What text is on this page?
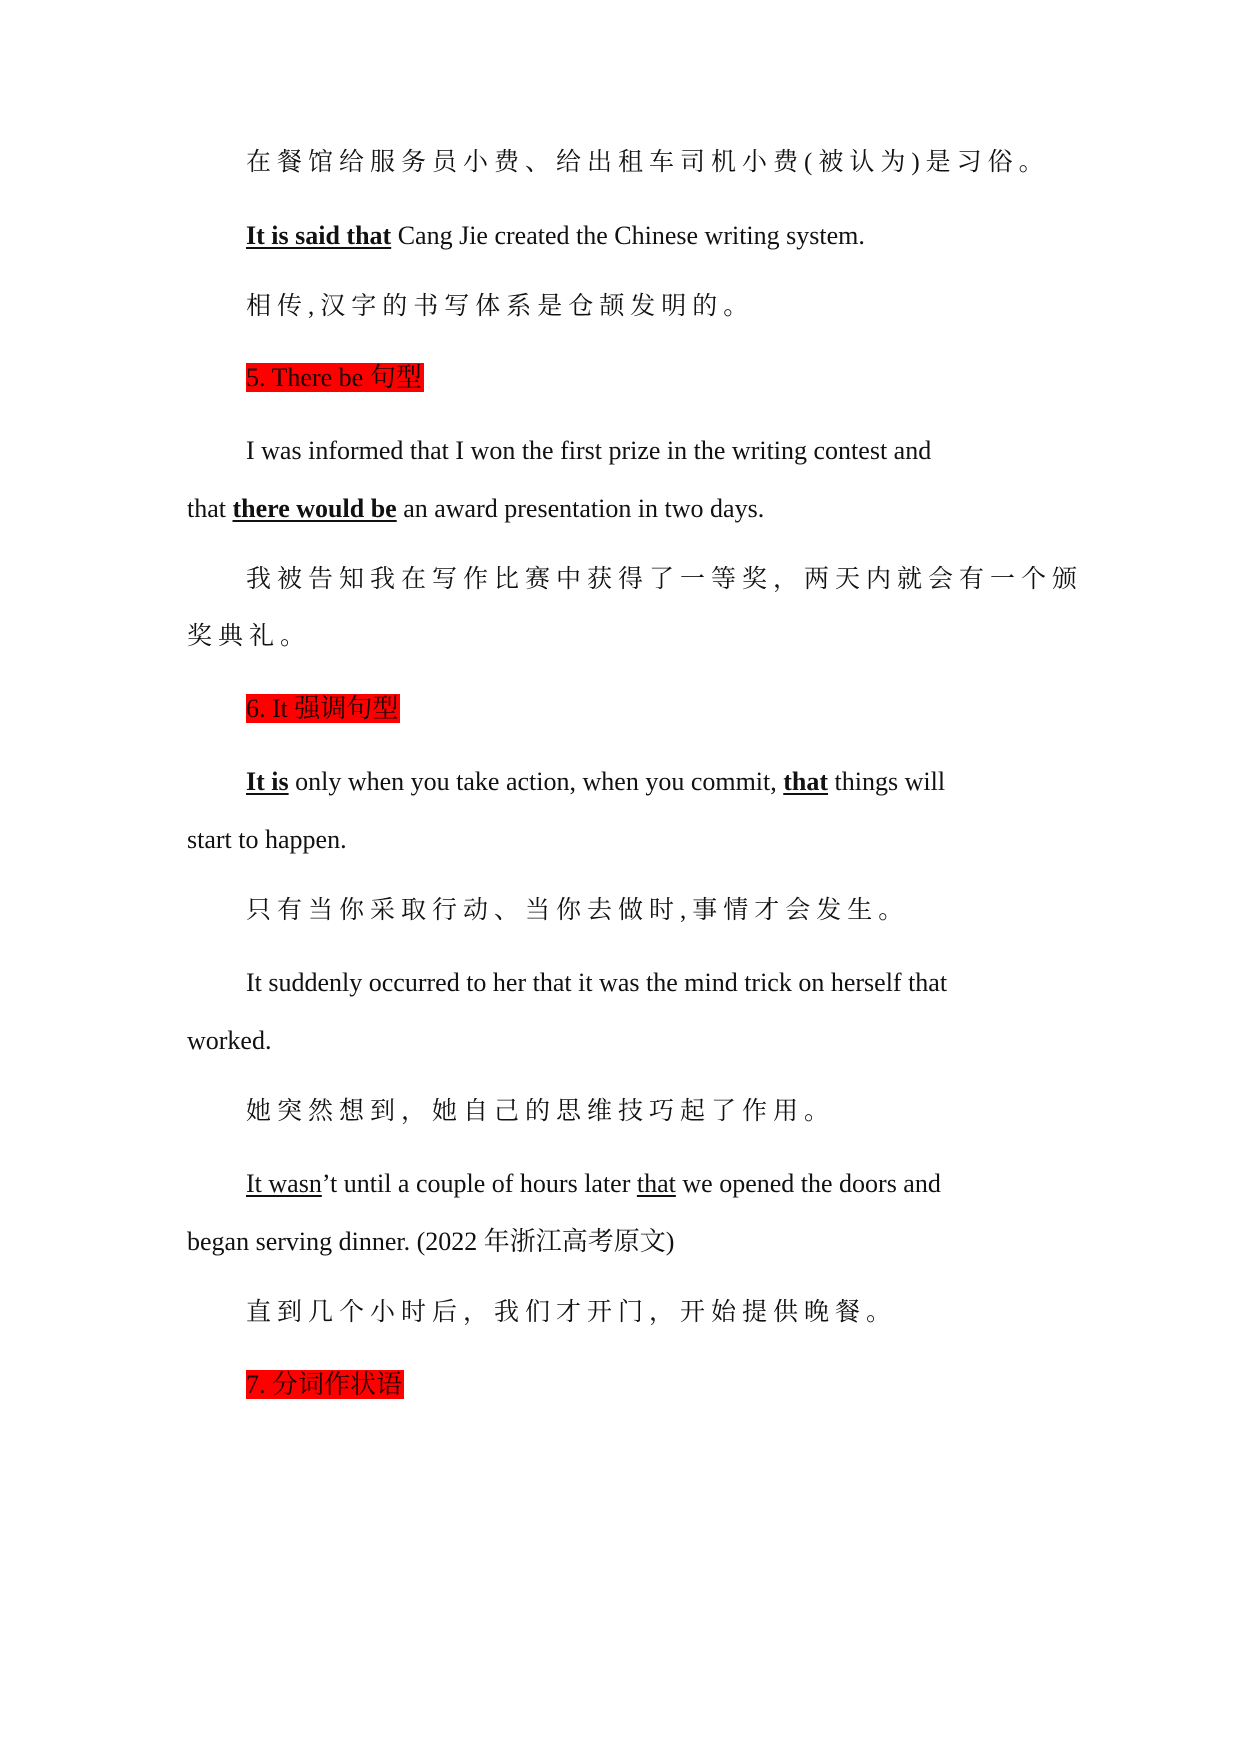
在餐馆给服务员小费、给出租车司机小费(被认为)是习俗。
It is said that Cang Jie created the Chinese writing system.
相传,汉字的书写体系是仓颉发明的。
5. There be 句型
I was informed that I won the first prize in the writing contest and
that there would be an award presentation in two days.
我被告知我在写作比赛中获得了一等奖，两天内就会有一个颁
奖典礼。
6. It 强调句型
It is only when you take action, when you commit, that things will
start to happen.
只有当你采取行动、当你去做时,事情才会发生。
It suddenly occurred to her that it was the mind trick on herself that
worked.
她突然想到，她自己的思维技巧起了作用。
It wasn’t until a couple of hours later that we opened the doors and
began serving dinner. (2022 年浙江高考原文)
直到几个小时后，我们才开门，开始提供晚餐。
7. 分词作状语
